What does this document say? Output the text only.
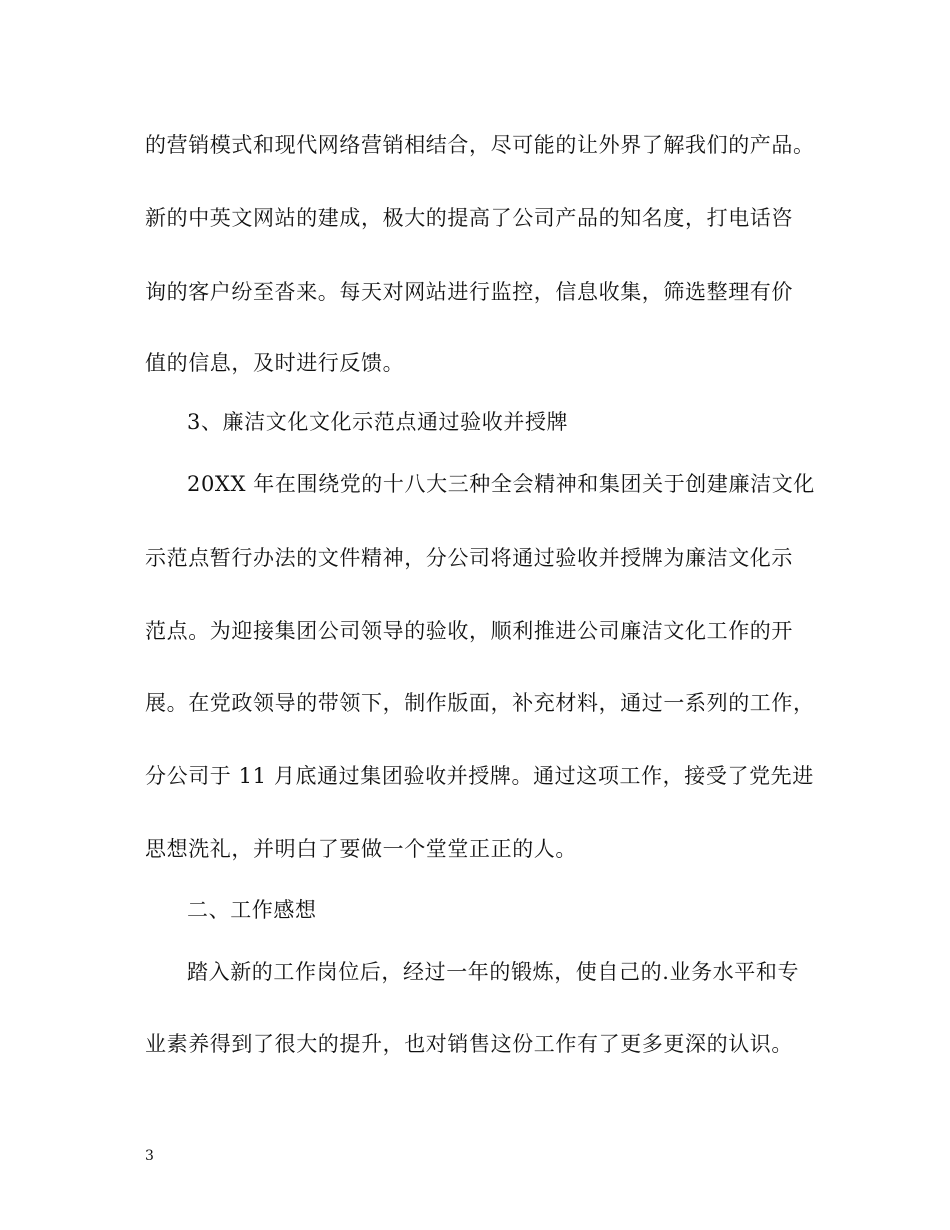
的营销模式和现代网络营销相结合，尽可能的让外界了解我们的产品。
新的中英文网站的建成，极大的提高了公司产品的知名度，打电话咨
询的客户纷至沓来。每天对网站进行监控，信息收集，筛选整理有价
值的信息，及时进行反馈。
3、廉洁文化文化示范点通过验收并授牌
20XX 年在围绕党的十八大三种全会精神和集团关于创建廉洁文化
示范点暂行办法的文件精神，分公司将通过验收并授牌为廉洁文化示
范点。为迎接集团公司领导的验收，顺利推进公司廉洁文化工作的开
展。在党政领导的带领下，制作版面，补充材料，通过一系列的工作，
分公司于 11 月底通过集团验收并授牌。通过这项工作，接受了党先进
思想洗礼，并明白了要做一个堂堂正正的人。
二、工作感想
踏入新的工作岗位后，经过一年的锻炼，使自己的.业务水平和专
业素养得到了很大的提升，也对销售这份工作有了更多更深的认识。
3
